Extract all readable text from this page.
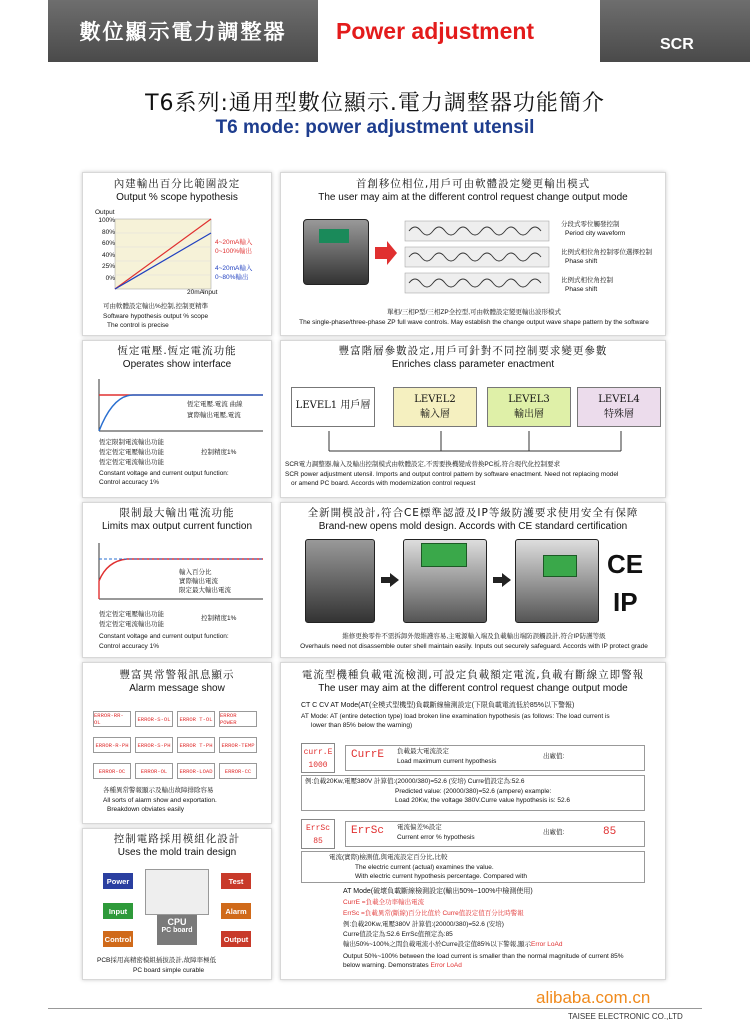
數位顯示電力調整器	Power adjustment
SCR
T6系列:通用型數位顯示.電力調整器功能簡介
T6 mode: power adjustment utensil
內建輸出百分比範圍設定
Output % scope hypothesis
Output
100%
80%
60%
40%
25%
0%
20mA Input
4~20mA輸入0~100%輸出
4~20mA輸入0~80%輸出
可由軟體設定輸出%控制,控制更精準
Software hypothesis output % scope
The control is precise
首創移位相位,用戶可由軟體設定變更輸出模式
The user may aim at the different control request change output mode
分段式零位觸發控制
Period city waveform
比例式相位角控制零位選擇控制
Phase shift
比例式相位角控制
Phase shift
單相/三相P型/三相ZP全控型,可由軟體設定變更輸出波形模式
The single-phase/three-phase ZP full wave controls. May establish the change output wave shape pattern by the software
恆定電壓.恆定電流功能
Operates show interface
恆定電壓.電流 曲線
實際輸出電壓,電流
恆定限制電流輸出功能
恆定恆定電壓輸出功能	控制精度1%
恆定恆定電流輸出功能
Constant voltage and current output function:
Control accuracy 1%
豐富階層參數設定,用戶可針對不同控制要求變更參數
Enriches class parameter enactment
LEVEL1 用戶層
LEVEL2
輸入層
LEVEL3
輸出層
LEVEL4
特殊層
SCR電力調整器,輸入及輸出控制模式由軟體設定,不需要換機變成替換PC板,符合現代化控制要求
SCR power adjustment utensil. Imports and output control pattern by software enactment. Need not replacing model
or amend PC board. Accords with modernization control request
限制最大輸出電流功能
Limits max output current function
輸入百分比
實際輸出電流
限定最大輸出電流
恆定恆定電壓輸出功能
控制精度1%
恆定恆定電流輸出功能
Constant voltage and current output function:
Control accuracy 1%
全新開模設計,符合CE標準認證及IP等級防護要求使用安全有保障
Brand-new opens mold design. Accords with CE standard certification
CE
IP
維修更換零件不需拆卸外殼維護容易,主電源輸入端及負載輸出端防誤觸設計,符合IP防護等級
Overhauls need not disassemble outer shell maintain easily. Inputs out securely safeguard. Accords with IP protect grade
豐富異常警報訊息顯示
Alarm message show
ERROR-RR-OL	ERROR-S-OL	ERROR T-OL	ERROR POWER
ERROR-R-PH	ERROR-S-PH	ERROR T-PH	ERROR-TEMP
ERROR-OC	ERROR-OL	ERROR-LOAD	ERROR-CC
各種異常警報顯示及輸出故障排除容易
All sorts of alarm show and exportation.
Breakdown obviates easily
電流型機種負載電流檢測,可設定負載額定電流,負載有斷線立即警報
The user may aim at the different control request change output mode
CT C CV AT Mode(AT(全模式型機型)負載斷線檢測設定(下限負載電流低於85%以下警報)
AT Mode: AT (entire detection type) load broken line examination hypothesis (as follows: The load current is
lower than 85% below the warning)
curr.E
1000
CurrE 負載最大電流設定
Load maximum current hypothesis
出廠值:
例:負載20Kw,電壓380V 計算值:(20000/380)=52.6 (安培) Curre值設定為:52.6
Predicted value: (20000/380)=52.6 (ampere) example:
Load 20Kw, the voltage 380V.Curre value hypothesis is: 52.6
ErrSc
85
ErrSc 電流偏差%設定
Current error % hypothesis
出廠值:	85
電流(實際)檢測值,與電流設定百分比,比較
The electric current (actual) examines the value.
With electric current hypothesis percentage. Compared with
AT Mode(破壞負載斷線檢測設定(輸出50%~100%中檢測使用)
CurrE =負載全功率輸出電流
ErrSc =負載異常(斷線)百分比值於 Curre值設定值百分比時警報
例:負載20Kw,電壓380V 計算值:(20000/380)=52.6 (安培)
Curre值設定為:52.6 ErrSc值預定為:85
輸出50%~100%之間負載電流小於Curre設定值85%以下警報,顯示Error LoAd
Output 50%~100% between the load current is smaller than the normal magnitude of current 85%
below warning. Demonstrates Error LoAd
控制電路採用模組化設計
Uses the mold train design
Power
Input
Control
Test
Alarm
Output
CPU
PC board
PCB採用高精密模組插拔設計,故障率極低
PC board simple curable
alibaba.com.cn
TAISEE ELECTRONIC CO.,LTD
